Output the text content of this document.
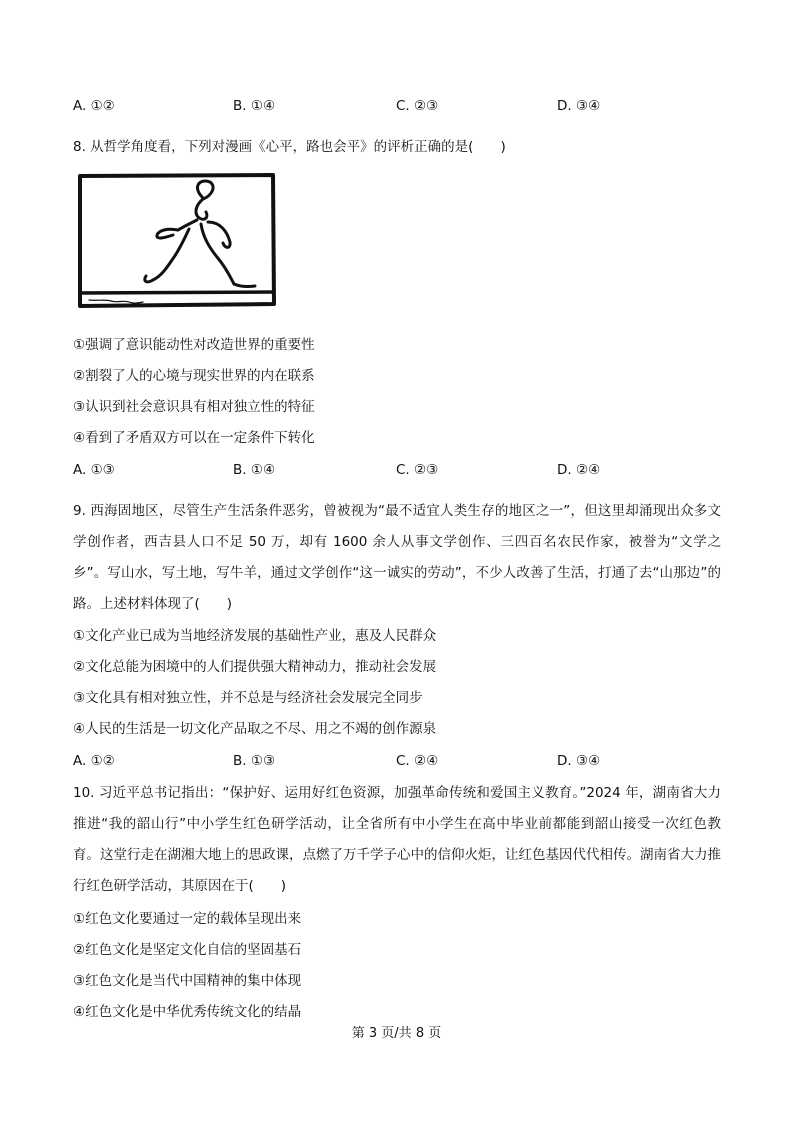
A. ①②	B. ①④	C. ②③	D. ③④
8. 从哲学角度看，下列对漫画《心平，路也会平》的评析正确的是(　　)
①强调了意识能动性对改造世界的重要性
②割裂了人的心境与现实世界的内在联系
③认识到社会意识具有相对独立性的特征
④看到了矛盾双方可以在一定条件下转化
A. ①③	B. ①④	C. ②③	D. ②④
9. 西海固地区，尽管生产生活条件恶劣，曾被视为“最不适宜人类生存的地区之一”，但这里却涌现出众多文学创作者，西吉县人口不足 50 万，却有 1600 余人从事文学创作、三四百名农民作家，被誉为“文学之乡”。写山水，写土地，写牛羊，通过文学创作“这一诚实的劳动”，不少人改善了生活，打通了去“山那边”的路。上述材料体现了(　　)
①文化产业已成为当地经济发展的基础性产业，惠及人民群众
②文化总能为困境中的人们提供强大精神动力，推动社会发展
③文化具有相对独立性，并不总是与经济社会发展完全同步
④人民的生活是一切文化产品取之不尽、用之不竭的创作源泉
A. ①②	B. ①③	C. ②④	D. ③④
10. 习近平总书记指出：“保护好、运用好红色资源，加强革命传统和爱国主义教育。”2024 年，湖南省大力推进“我的韶山行”中小学生红色研学活动，让全省所有中小学生在高中毕业前都能到韶山接受一次红色教育。这堂行走在湖湘大地上的思政课，点燃了万千学子心中的信仰火炬，让红色基因代代相传。湖南省大力推行红色研学活动，其原因在于(　　)
①红色文化要通过一定的载体呈现出来
②红色文化是坚定文化自信的坚固基石
③红色文化是当代中国精神的集中体现
④红色文化是中华优秀传统文化的结晶
第 3 页/共 8 页
